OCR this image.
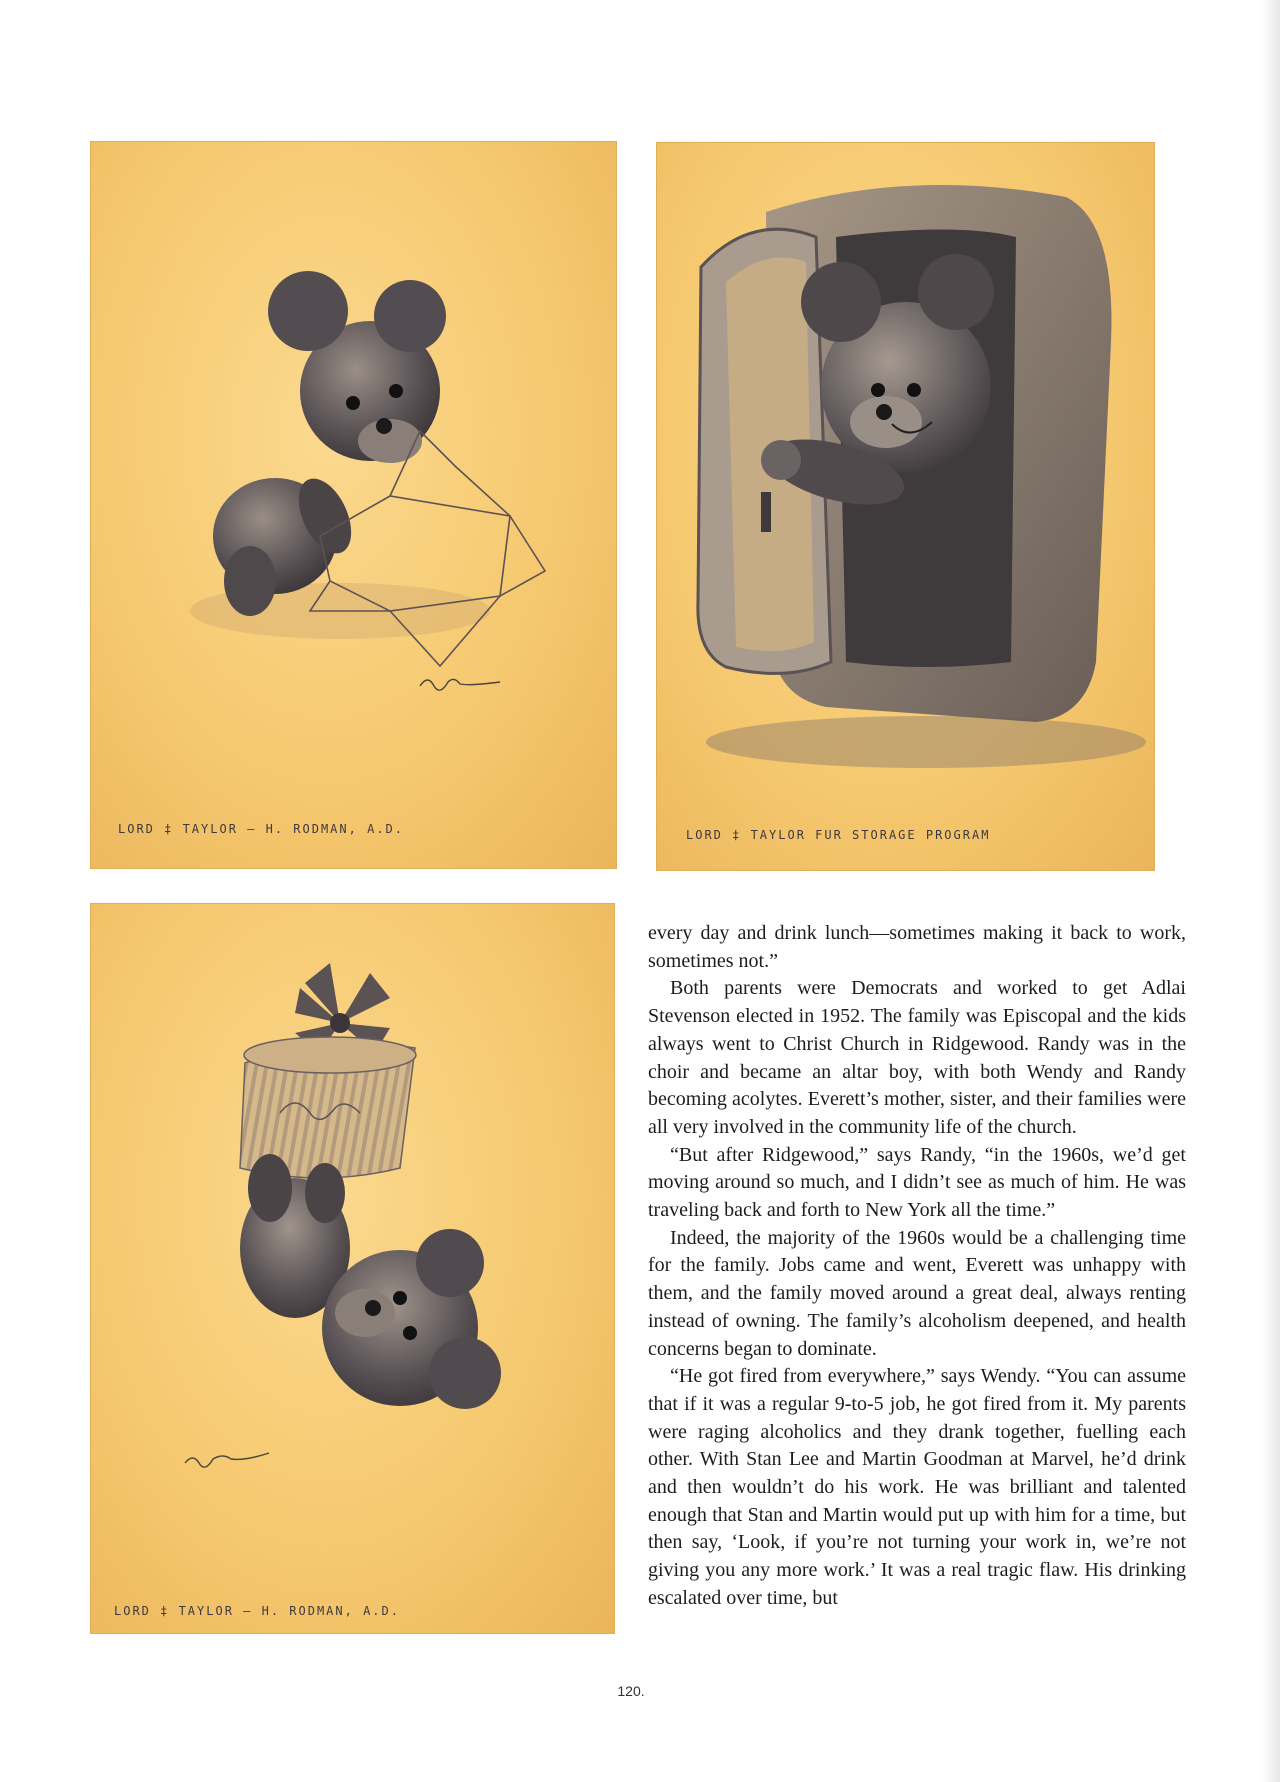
LORD ‡ TAYLOR — H. RODMAN, A.D.	LORD ‡ TAYLOR FUR STORAGE PROGRAM
LORD ‡ TAYLOR — H. RODMAN, A.D.

every day and drink lunch—sometimes making it back to work, sometimes not.”

Both parents were Democrats and worked to get Adlai Stevenson elected in 1952. The family was Episcopal and the kids always went to Christ Church in Ridgewood. Randy was in the choir and became an altar boy, with both Wendy and Randy becoming acolytes. Everett’s mother, sister, and their families were all very involved in the community life of the church.

“But after Ridgewood,” says Randy, “in the 1960s, we’d get moving around so much, and I didn’t see as much of him. He was traveling back and forth to New York all the time.”

Indeed, the majority of the 1960s would be a challenging time for the family. Jobs came and went, Everett was unhappy with them, and the family moved around a great deal, always renting instead of owning. The family’s alcoholism deepened, and health concerns began to dominate.

“He got fired from everywhere,” says Wendy. “You can assume that if it was a regular 9-to-5 job, he got fired from it. My parents were raging alcoholics and they drank together, fuelling each other. With Stan Lee and Martin Goodman at Marvel, he’d drink and then wouldn’t do his work. He was brilliant and talented enough that Stan and Martin would put up with him for a time, but then say, ‘Look, if you’re not turning your work in, we’re not giving you any more work.’ It was a real tragic flaw. His drinking escalated over time, but

120.
